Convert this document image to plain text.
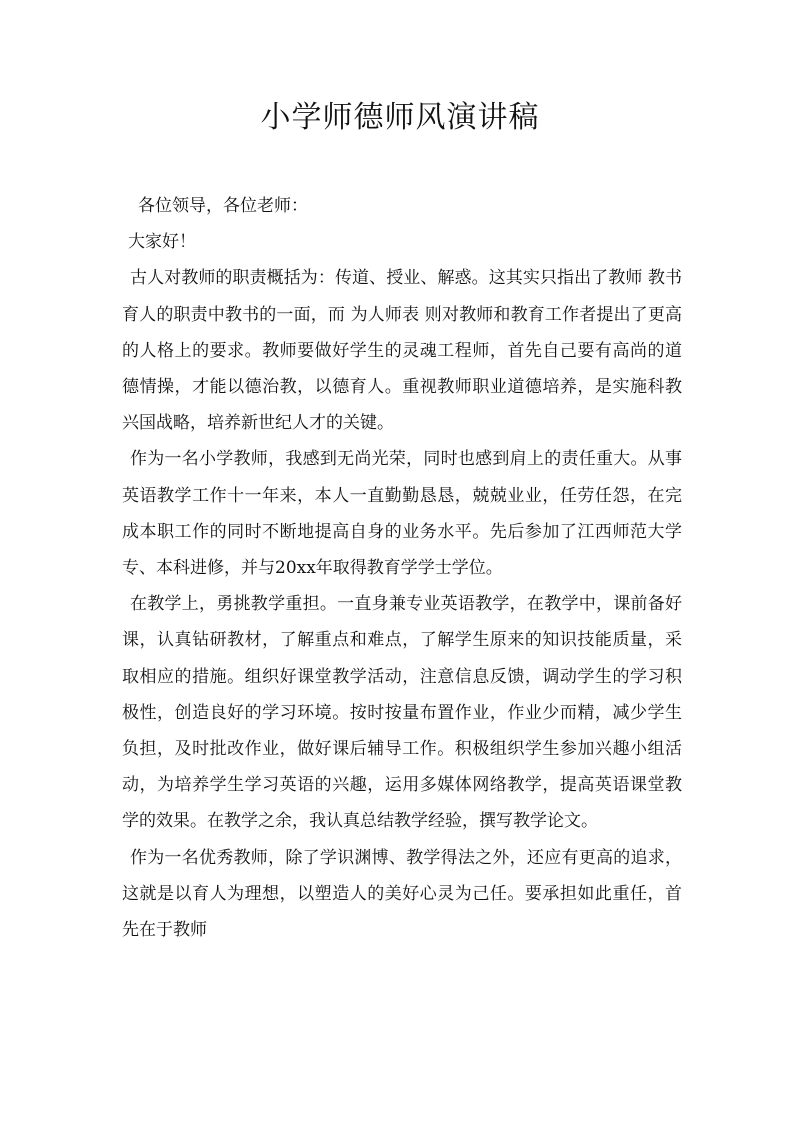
小学师德师风演讲稿

各位领导，各位老师：

大家好！

古人对教师的职责概括为：传道、授业、解惑。这其实只指出了教师 教书育人的职责中教书的一面，而 为人师表 则对教师和教育工作者提出了更高的人格上的要求。教师要做好学生的灵魂工程师，首先自己要有高尚的道德情操，才能以德治教，以德育人。重视教师职业道德培养，是实施科教兴国战略，培养新世纪人才的关键。

作为一名小学教师，我感到无尚光荣，同时也感到肩上的责任重大。从事英语教学工作十一年来，本人一直勤勤恳恳，兢兢业业，任劳任怨，在完成本职工作的同时不断地提高自身的业务水平。先后参加了江西师范大学专、本科进修，并与20xx年取得教育学学士学位。

在教学上，勇挑教学重担。一直身兼专业英语教学，在教学中，课前备好课，认真钻研教材，了解重点和难点，了解学生原来的知识技能质量，采取相应的措施。组织好课堂教学活动，注意信息反馈，调动学生的学习积极性，创造良好的学习环境。按时按量布置作业，作业少而精，减少学生负担，及时批改作业，做好课后辅导工作。积极组织学生参加兴趣小组活动，为培养学生学习英语的兴趣，运用多媒体网络教学，提高英语课堂教学的效果。在教学之余，我认真总结教学经验，撰写教学论文。

作为一名优秀教师，除了学识渊博、教学得法之外，还应有更高的追求，这就是以育人为理想，以塑造人的美好心灵为己任。要承担如此重任，首先在于教师
